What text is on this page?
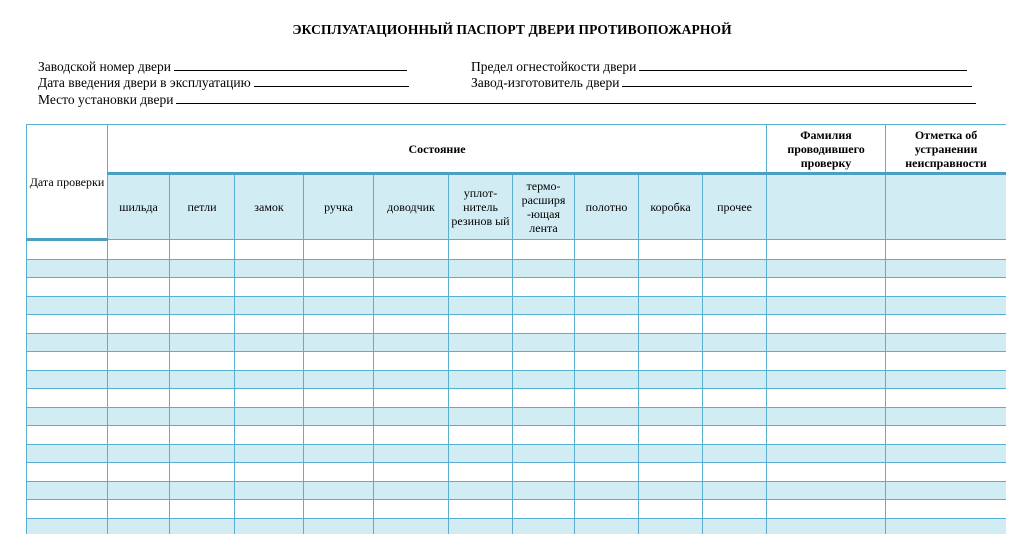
ЭКСПЛУАТАЦИОННЫЙ ПАСПОРТ ДВЕРИ ПРОТИВОПОЖАРНОЙ
Заводской номер двери	Предел огнестойкости двери
Дата введения двери в эксплуатацию	Завод-изготовитель двери
Место установки двери
Дата проверки	Состояние										Фамилия проводившего проверку	Отметка об устранении неисправности
	шильда	петли	замок	ручка	доводчик	уплот-нитель резинов ый	термо-расширя -ющая лента	полотно	коробка	прочее		
